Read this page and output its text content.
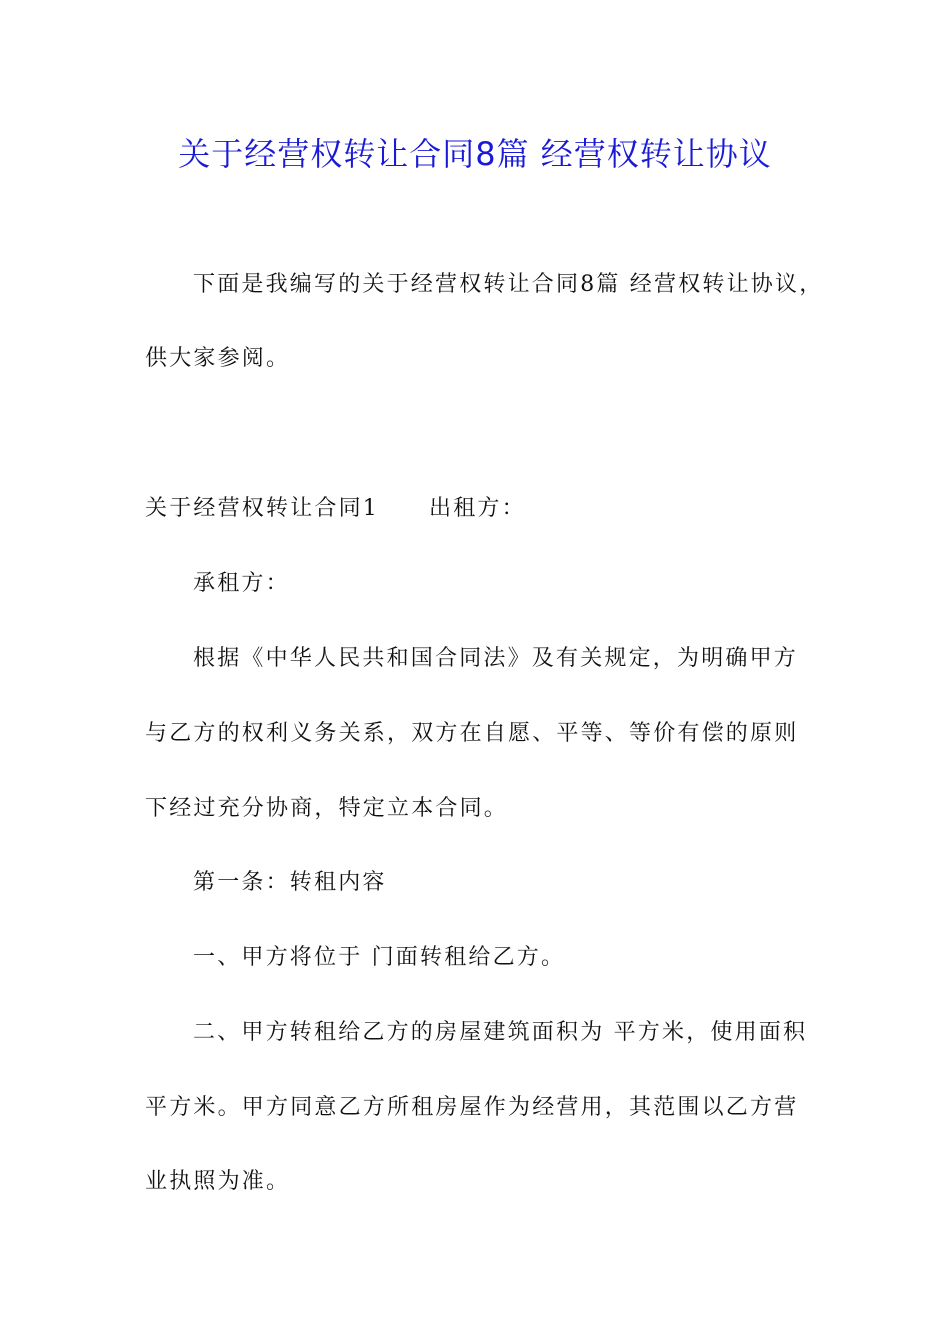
关于经营权转让合同8篇 经营权转让协议
下面是我编写的关于经营权转让合同8篇 经营权转让协议，
供大家参阅。
关于经营权转让合同1 出租方：
承租方：
根据《中华人民共和国合同法》及有关规定，为明确甲方
与乙方的权利义务关系，双方在自愿、平等、等价有偿的原则
下经过充分协商，特定立本合同。
第一条：转租内容
一、甲方将位于 门面转租给乙方。
二、甲方转租给乙方的房屋建筑面积为 平方米，使用面积
平方米。甲方同意乙方所租房屋作为经营用，其范围以乙方营
业执照为准。
